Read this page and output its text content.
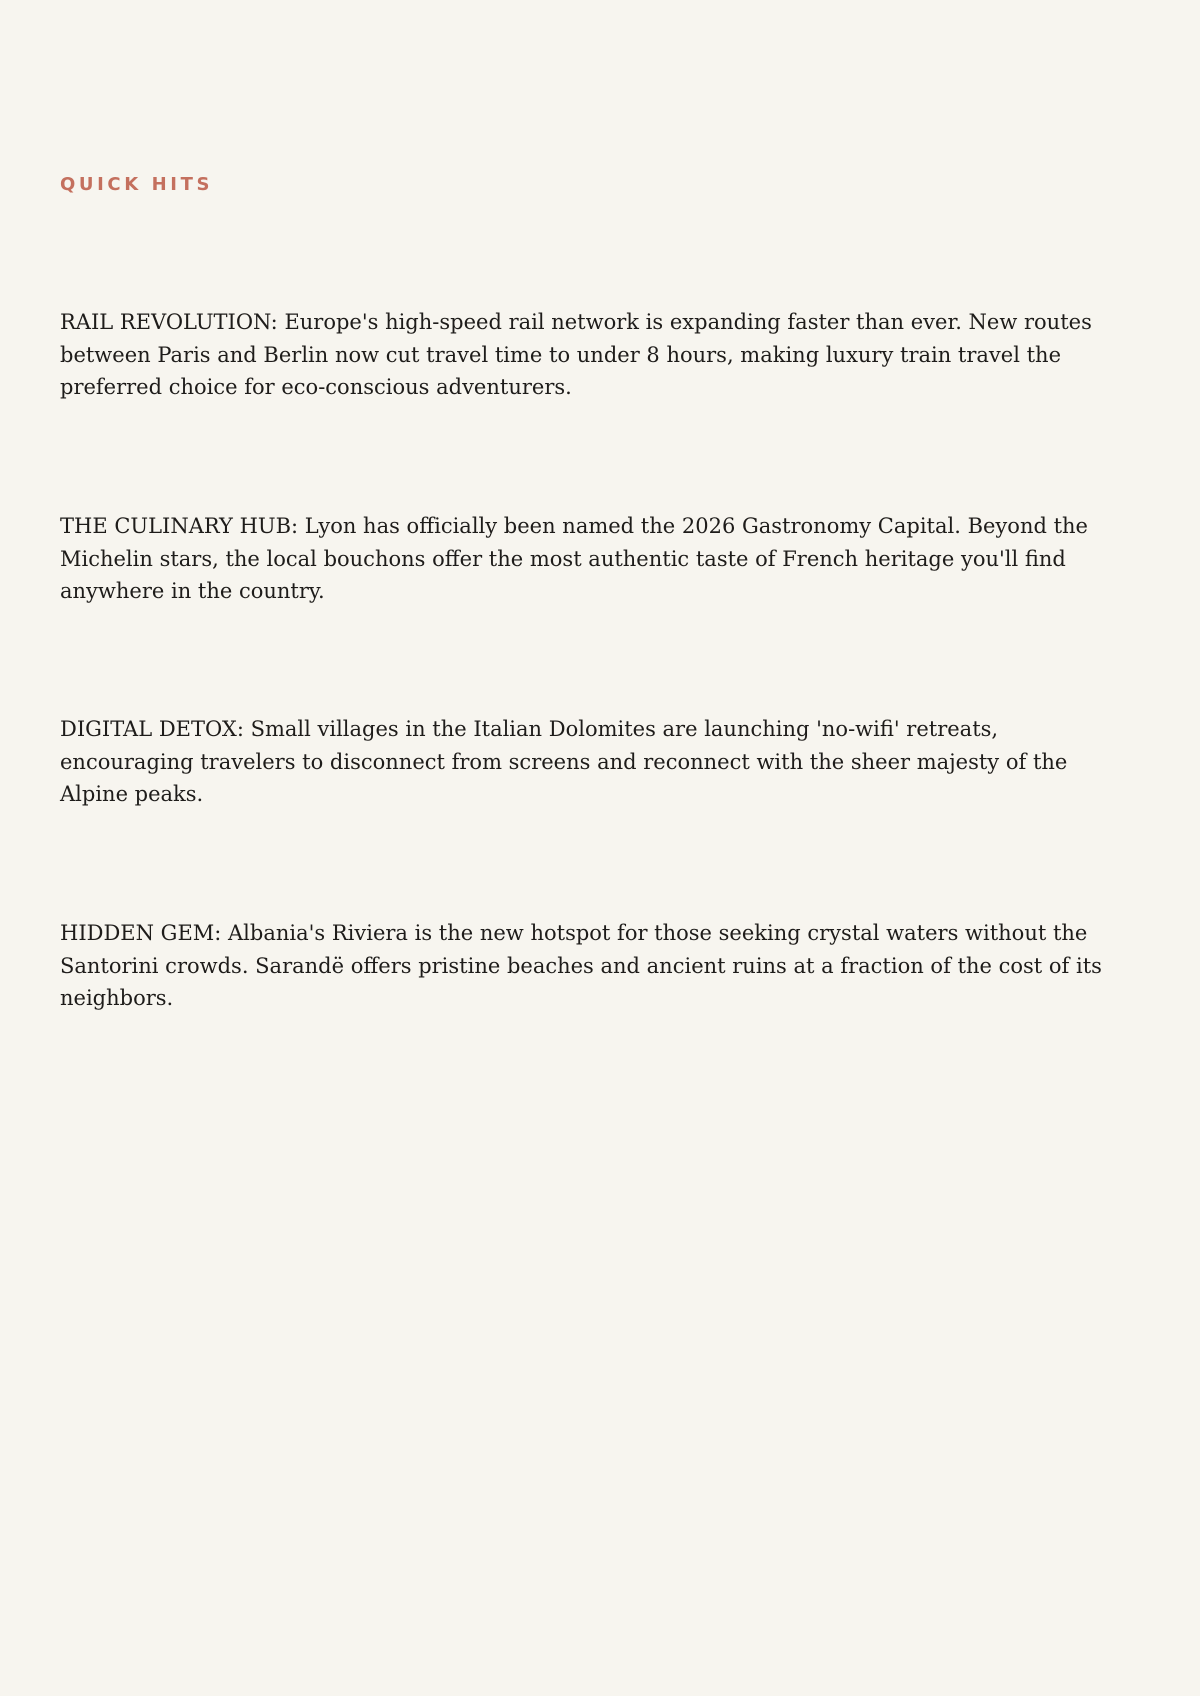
QUICK HITS

RAIL REVOLUTION: Europe's high-speed rail network is expanding faster than ever. New routes between Paris and Berlin now cut travel time to under 8 hours, making luxury train travel the preferred choice for eco-conscious adventurers.

THE CULINARY HUB: Lyon has officially been named the 2026 Gastronomy Capital. Beyond the Michelin stars, the local bouchons offer the most authentic taste of French heritage you'll find anywhere in the country.

DIGITAL DETOX: Small villages in the Italian Dolomites are launching 'no-wifi' retreats, encouraging travelers to disconnect from screens and reconnect with the sheer majesty of the Alpine peaks.

HIDDEN GEM: Albania's Riviera is the new hotspot for those seeking crystal waters without the Santorini crowds. Sarandë offers pristine beaches and ancient ruins at a fraction of the cost of its neighbors.
